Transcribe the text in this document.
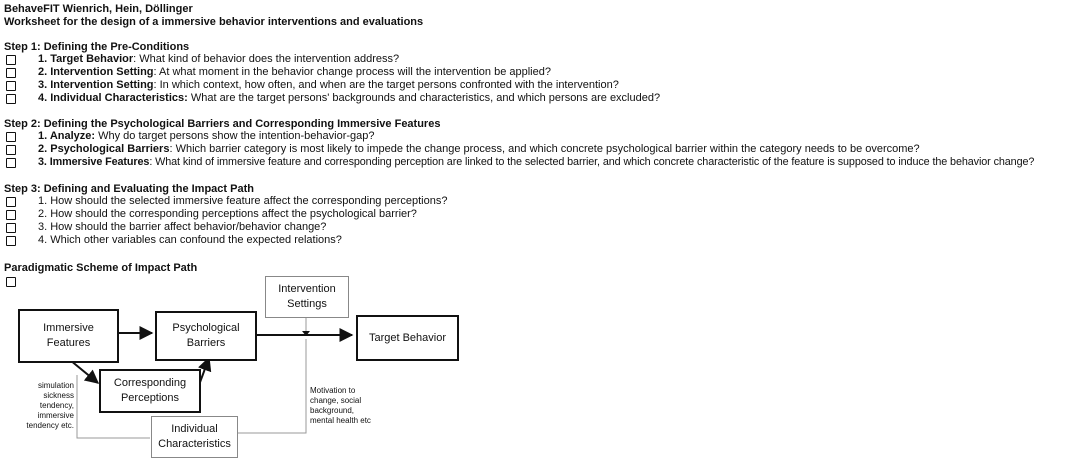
BehaveFIT Wienrich, Hein, Döllinger
Worksheet for the design of a immersive behavior interventions and evaluations
Step 1: Defining the Pre-Conditions
1. Target Behavior: What kind of behavior does the intervention address?
2. Intervention Setting: At what moment in the behavior change process will the intervention be applied?
3. Intervention Setting: In which context, how often, and when are the target persons confronted with the intervention?
4. Individual Characteristics: What are the target persons' backgrounds and characteristics, and which persons are excluded?
Step 2: Defining the Psychological Barriers and Corresponding Immersive Features
1. Analyze: Why do target persons show the intention-behavior-gap?
2. Psychological Barriers: Which barrier category is most likely to impede the change process, and which concrete psychological barrier within the category needs to be overcome?
3. Immersive Features: What kind of immersive feature and corresponding perception are linked to the selected barrier, and which concrete characteristic of the feature is supposed to induce the behavior change?
Step 3: Defining and Evaluating the Impact Path
1. How should the selected immersive feature affect the corresponding perceptions?
2. How should the corresponding perceptions affect the psychological barrier?
3. How should the barrier affect behavior/behavior change?
4. Which other variables can confound the expected relations?
Paradigmatic Scheme of Impact Path
Immersive
Features
Psychological
Barriers	Target Behavior
Intervention
Settings
Corresponding
Perceptions
Individual
Characteristics
simulation
sickness
tendency,
immersive
tendency etc.
Motivation to
change, social
background,
mental health etc
